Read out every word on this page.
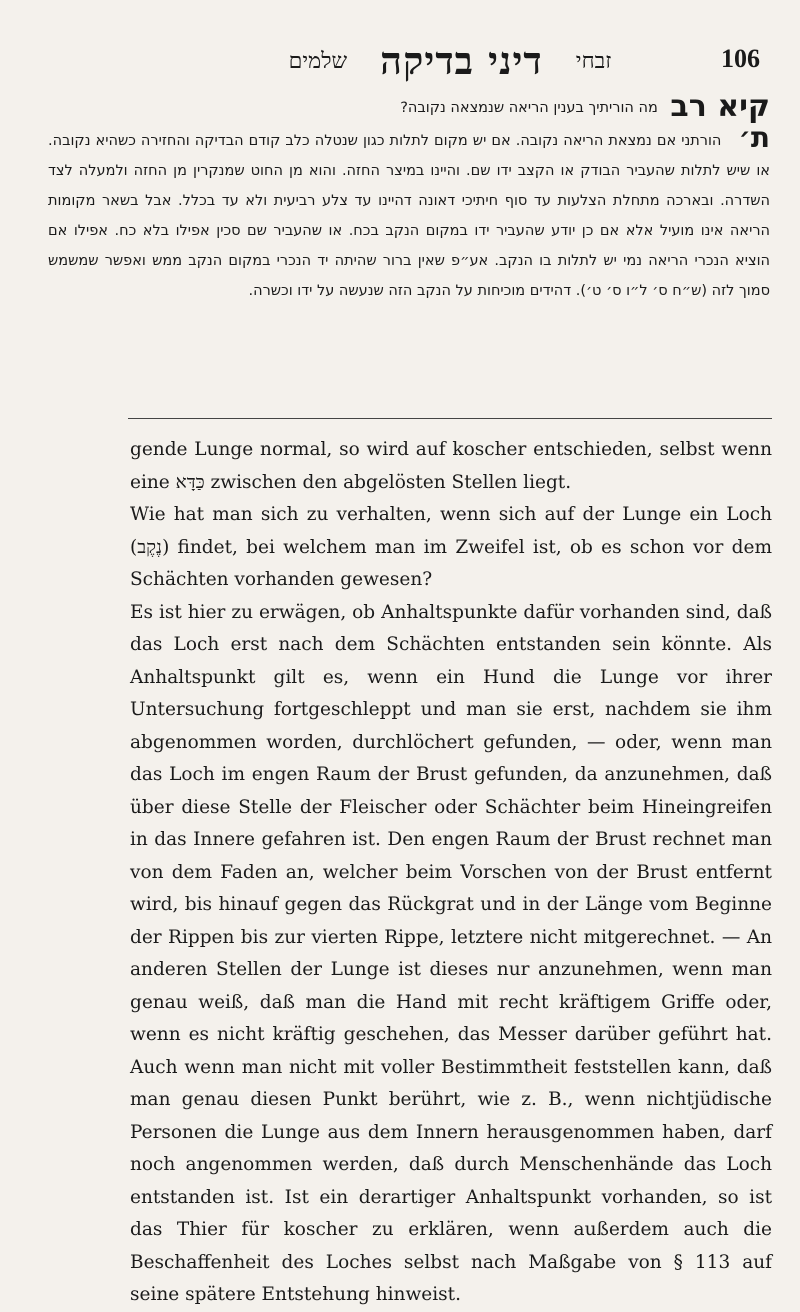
זבחי דיני בדיקה שלמים	106
קיא רב מה הוריתיך בענין הריאה שנמצאה נקובה?
ת׳ הורתני אם נמצאת הריאה נקובה. אם יש מקום לתלות כגון שנטלה כלב קודם הבדיקה והחזירה כשהיא נקובה. או שיש לתלות שהעביר הבודק או הקצב ידו שם. והיינו במיצר החזה. והוא מן החוט שמנקרין מן החזה ולמעלה לצד השדרה. ובארכה מתחלת הצלעות עד סוף חיתיכי דאונה דהיינו עד צלע רביעית ולא עד בכלל. אבל בשאר מקומות הריאה אינו מועיל אלא אם כן יודע שהעביר ידו במקום הנקב בכח. או שהעביר שם סכין אפילו בלא כח. אפילו אם הוציא הנכרי הריאה נמי יש לתלות בו הנקב. אע״פ שאין ברור שהיתה יד הנכרי במקום הנקב ממש ואפשר שמשמש סמוך לזה (ש״ח ס׳ ל״ו ס׳ ט׳). דהידים מוכיחות על הנקב הזה שנעשה על ידו וכשרה.

gende Lunge normal, so wird auf koscher entschieden, selbst wenn eine כַּדָּא zwischen den abgelösten Stellen liegt.

Wie hat man sich zu verhalten, wenn sich auf der Lunge ein Loch (נֶקֶב) findet, bei welchem man im Zweifel ist, ob es schon vor dem Schächten vorhanden gewesen?

Es ist hier zu erwägen, ob Anhaltspunkte dafür vorhanden sind, daß das Loch erst nach dem Schächten entstanden sein könnte. Als Anhaltspunkt gilt es, wenn ein Hund die Lunge vor ihrer Untersuchung fortgeschleppt und man sie erst, nachdem sie ihm abgenommen worden, durchlöchert gefunden, — oder, wenn man das Loch im engen Raum der Brust gefunden, da anzunehmen, daß über diese Stelle der Fleischer oder Schächter beim Hineingreifen in das Innere gefahren ist. Den engen Raum der Brust rechnet man von dem Faden an, welcher beim Vorschen von der Brust entfernt wird, bis hinauf gegen das Rückgrat und in der Länge vom Beginne der Rippen bis zur vierten Rippe, letztere nicht mitgerechnet. — An anderen Stellen der Lunge ist dieses nur anzunehmen, wenn man genau weiß, daß man die Hand mit recht kräftigem Griffe oder, wenn es nicht kräftig geschehen, das Messer darüber geführt hat. Auch wenn man nicht mit voller Bestimmtheit feststellen kann, daß man genau diesen Punkt berührt, wie z. B., wenn nichtjüdische Personen die Lunge aus dem Innern herausgenommen haben, darf noch angenommen werden, daß durch Menschenhände das Loch entstanden ist. Ist ein derartiger Anhaltspunkt vorhanden, so ist das Thier für koscher zu erklären, wenn außerdem auch die Beschaffenheit des Loches selbst nach Maßgabe von § 113 auf seine spätere Entstehung hinweist.
